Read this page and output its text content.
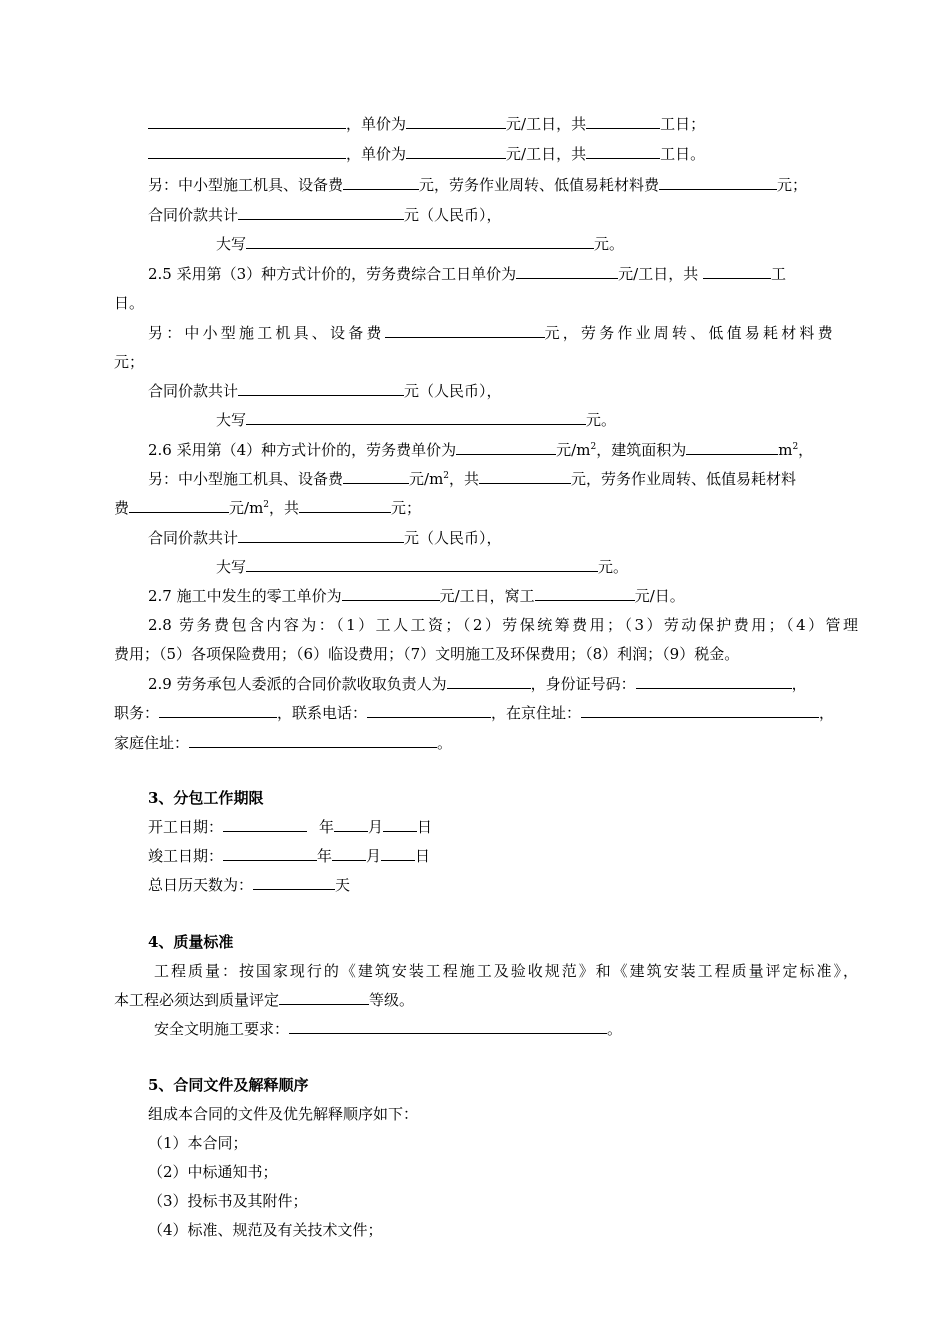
，单价为	元/工日，共	工日；
，单价为	元/工日，共	工日。
另：中小型施工机具、设备费	元，劳务作业周转、低值易耗材料费	元；
合同价款共计	元（人民币），
大写	元。
2.5 采用第（3）种方式计价的，劳务费综合工日单价为	元/工日，共	工
日。
另：中小型施工机具、设备费	元，劳务作业周转、低值易耗材料费
元；
合同价款共计	元（人民币），
大写	元。
2.6 采用第（4）种方式计价的，劳务费单价为	元$/m^2$，建筑面积为	$m^2$，
另：中小型施工机具、设备费	元$/m^2$，共	元，劳务作业周转、低值易耗材料
费	元$/m^2$，共	元；
合同价款共计	元（人民币），
大写	元。
2.7 施工中发生的零工单价为	元/工日，窝工	元/日。
2.8 劳务费包含内容为：（1）工人工资；（2）劳保统筹费用；（3）劳动保护费用；（4）管理
费用；（5）各项保险费用；（6）临设费用；（7）文明施工及环保费用；（8）利润；（9）税金。
2.9 劳务承包人委派的合同价款收取负责人为	，身份证号码：	，
职务：	，联系电话：	，在京住址：	，
家庭住址：	。
3、分包工作期限
开工日期：	年 月 日
竣工日期：	年 月 日
总日历天数为：	天
4、质量标准
工程质量：按国家现行的《建筑安装工程施工及验收规范》和《建筑安装工程质量评定标准》，
本工程必须达到质量评定	等级。
安全文明施工要求：	。
5、合同文件及解释顺序
组成本合同的文件及优先解释顺序如下：
（1）本合同；
（2）中标通知书；
（3）投标书及其附件；
（4）标准、规范及有关技术文件；
